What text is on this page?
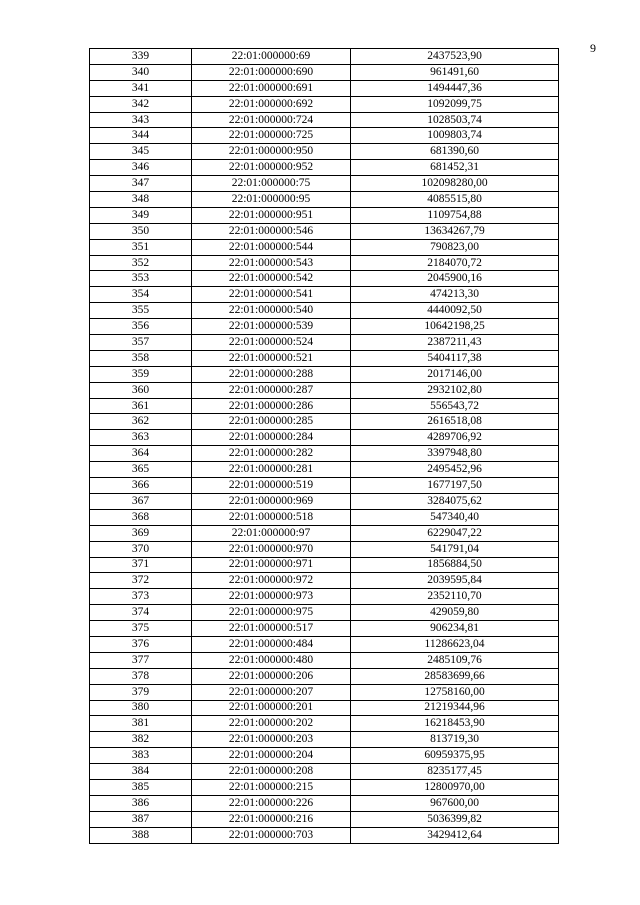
9
339	22:01:000000:69	2437523,90
340	22:01:000000:690	961491,60
341	22:01:000000:691	1494447,36
342	22:01:000000:692	1092099,75
343	22:01:000000:724	1028503,74
344	22:01:000000:725	1009803,74
345	22:01:000000:950	681390,60
346	22:01:000000:952	681452,31
347	22:01:000000:75	102098280,00
348	22:01:000000:95	4085515,80
349	22:01:000000:951	1109754,88
350	22:01:000000:546	13634267,79
351	22:01:000000:544	790823,00
352	22:01:000000:543	2184070,72
353	22:01:000000:542	2045900,16
354	22:01:000000:541	474213,30
355	22:01:000000:540	4440092,50
356	22:01:000000:539	10642198,25
357	22:01:000000:524	2387211,43
358	22:01:000000:521	5404117,38
359	22:01:000000:288	2017146,00
360	22:01:000000:287	2932102,80
361	22:01:000000:286	556543,72
362	22:01:000000:285	2616518,08
363	22:01:000000:284	4289706,92
364	22:01:000000:282	3397948,80
365	22:01:000000:281	2495452,96
366	22:01:000000:519	1677197,50
367	22:01:000000:969	3284075,62
368	22:01:000000:518	547340,40
369	22:01:000000:97	6229047,22
370	22:01:000000:970	541791,04
371	22:01:000000:971	1856884,50
372	22:01:000000:972	2039595,84
373	22:01:000000:973	2352110,70
374	22:01:000000:975	429059,80
375	22:01:000000:517	906234,81
376	22:01:000000:484	11286623,04
377	22:01:000000:480	2485109,76
378	22:01:000000:206	28583699,66
379	22:01:000000:207	12758160,00
380	22:01:000000:201	21219344,96
381	22:01:000000:202	16218453,90
382	22:01:000000:203	813719,30
383	22:01:000000:204	60959375,95
384	22:01:000000:208	8235177,45
385	22:01:000000:215	12800970,00
386	22:01:000000:226	967600,00
387	22:01:000000:216	5036399,82
388	22:01:000000:703	3429412,64
